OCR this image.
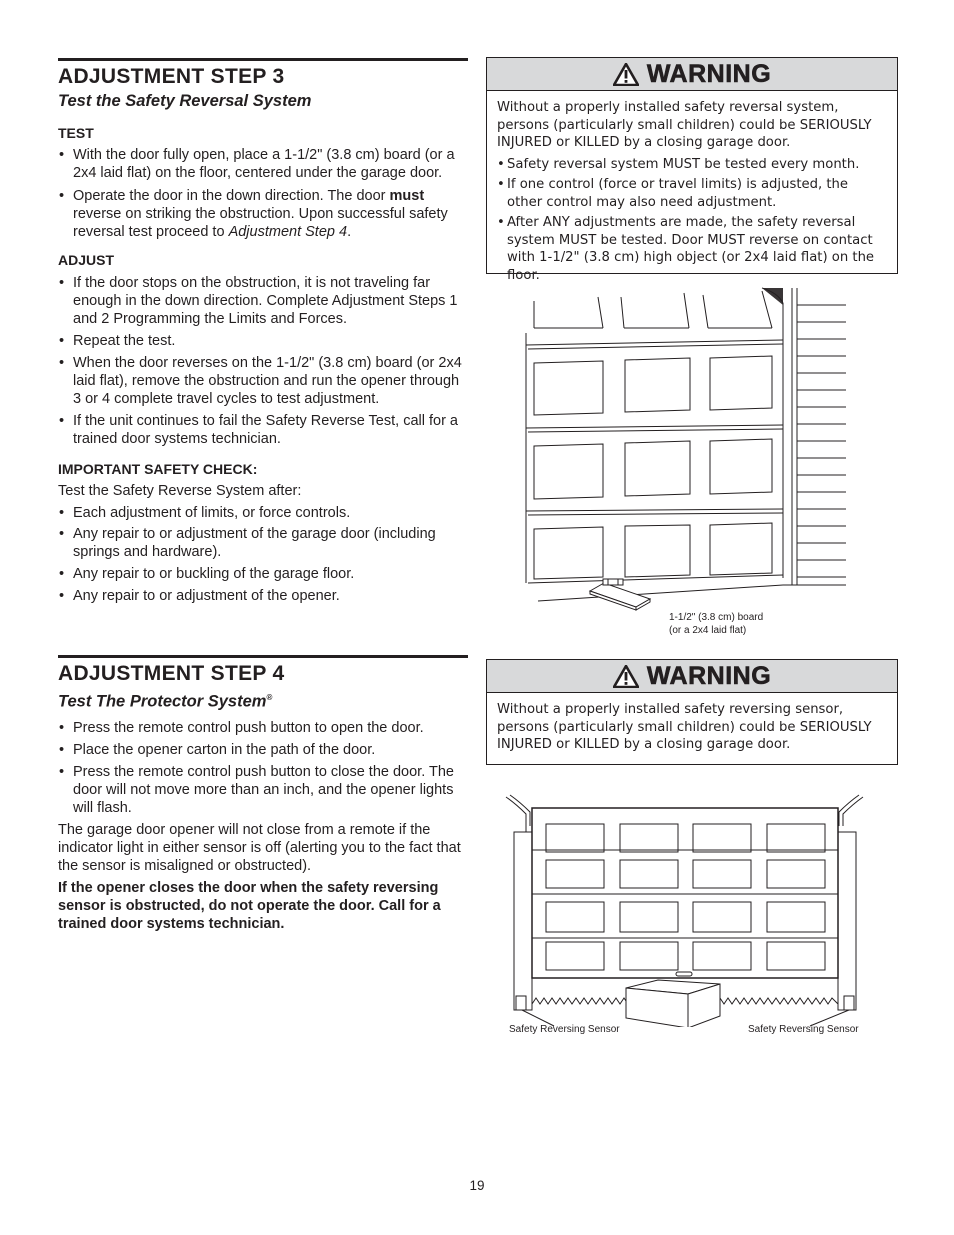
ADJUSTMENT STEP 3
Test the Safety Reversal System
TEST
• With the door fully open, place a 1-1/2" (3.8 cm) board (or a 2x4 laid flat) on the floor, centered under the garage door.
• Operate the door in the down direction. The door must reverse on striking the obstruction. Upon successful safety reversal test proceed to Adjustment Step 4.
ADJUST
• If the door stops on the obstruction, it is not traveling far enough in the down direction. Complete Adjustment Steps 1 and 2 Programming the Limits and Forces.
• Repeat the test.
• When the door reverses on the 1-1/2" (3.8 cm) board (or 2x4 laid flat), remove the obstruction and run the opener through 3 or 4 complete travel cycles to test adjustment.
• If the unit continues to fail the Safety Reverse Test, call for a trained door systems technician.
IMPORTANT SAFETY CHECK:

Test the Safety Reverse System after:

• Each adjustment of limits, or force controls.
• Any repair to or adjustment of the garage door (including springs and hardware).
• Any repair to or buckling of the garage floor.
• Any repair to or adjustment of the opener.
ADJUSTMENT STEP 4
Test The Protector System®
• Press the remote control push button to open the door.
• Place the opener carton in the path of the door.
• Press the remote control push button to close the door. The door will not move more than an inch, and the opener lights will flash.

The garage door opener will not close from a remote if the indicator light in either sensor is off (alerting you to the fact that the sensor is misaligned or obstructed).

If the opener closes the door when the safety reversing sensor is obstructed, do not operate the door. Call for a trained door systems technician.

WARNING

Without a properly installed safety reversal system, persons (particularly small children) could be SERIOUSLY INJURED or KILLED by a closing garage door.

• Safety reversal system MUST be tested every month.
• If one control (force or travel limits) is adjusted, the other control may also need adjustment.
• After ANY adjustments are made, the safety reversal system MUST be tested. Door MUST reverse on contact with 1-1/2" (3.8 cm) high object (or 2x4 laid flat) on the floor.
1-1/2" (3.8 cm) board
(or a 2x4 laid flat)
WARNING

Without a properly installed safety reversing sensor, persons (particularly small children) could be SERIOUSLY INJURED or KILLED by a closing garage door.

Safety Reversing Sensor	Safety Reversing Sensor
19
